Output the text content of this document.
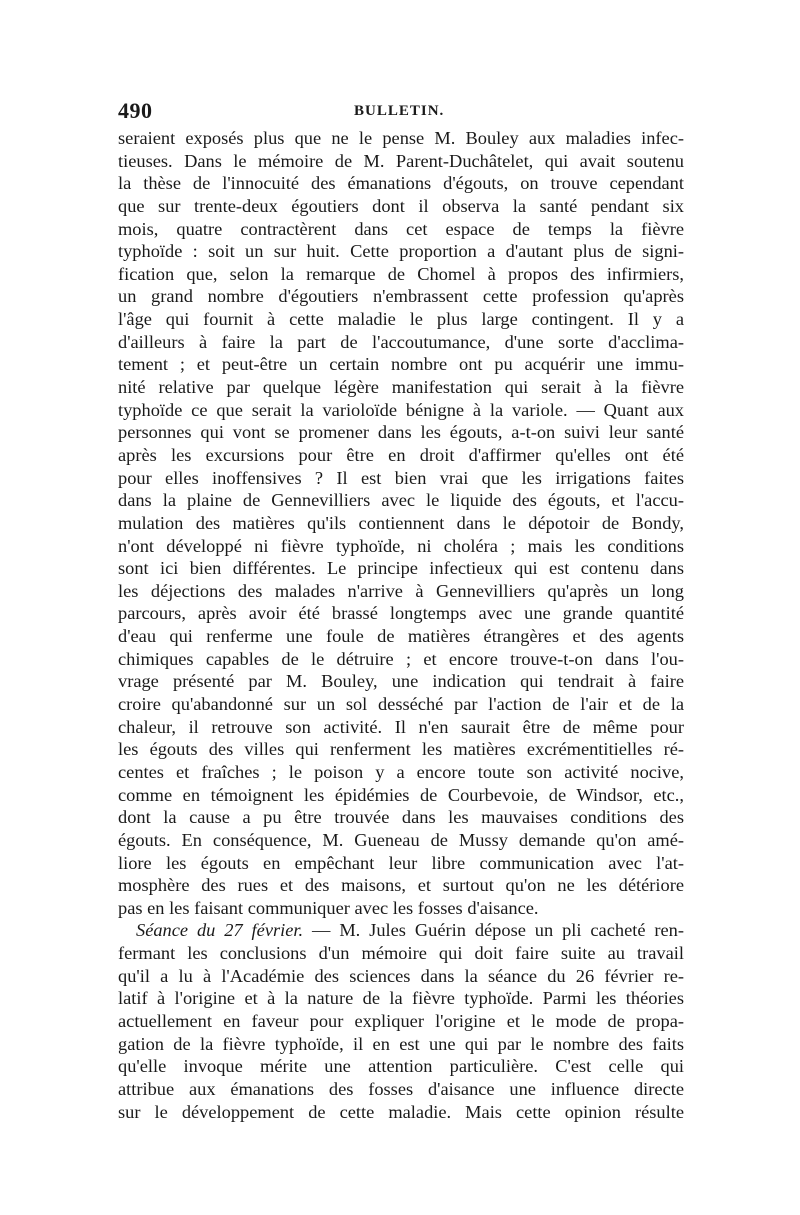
490	BULLETIN.
seraient exposés plus que ne le pense M. Bouley aux maladies infec-
tieuses. Dans le mémoire de M. Parent-Duchâtelet, qui avait soutenu
la thèse de l'innocuité des émanations d'égouts, on trouve cependant
que sur trente-deux égoutiers dont il observa la santé pendant six
mois, quatre contractèrent dans cet espace de temps la fièvre
typhoïde : soit un sur huit. Cette proportion a d'autant plus de signi-
fication que, selon la remarque de Chomel à propos des infirmiers,
un grand nombre d'égoutiers n'embrassent cette profession qu'après
l'âge qui fournit à cette maladie le plus large contingent. Il y a
d'ailleurs à faire la part de l'accoutumance, d'une sorte d'acclima-
tement ; et peut-être un certain nombre ont pu acquérir une immu-
nité relative par quelque légère manifestation qui serait à la fièvre
typhoïde ce que serait la varioloïde bénigne à la variole. — Quant aux
personnes qui vont se promener dans les égouts, a-t-on suivi leur santé
après les excursions pour être en droit d'affirmer qu'elles ont été
pour elles inoffensives ? Il est bien vrai que les irrigations faites
dans la plaine de Gennevilliers avec le liquide des égouts, et l'accu-
mulation des matières qu'ils contiennent dans le dépotoir de Bondy,
n'ont développé ni fièvre typhoïde, ni choléra ; mais les conditions
sont ici bien différentes. Le principe infectieux qui est contenu dans
les déjections des malades n'arrive à Gennevilliers qu'après un long
parcours, après avoir été brassé longtemps avec une grande quantité
d'eau qui renferme une foule de matières étrangères et des agents
chimiques capables de le détruire ; et encore trouve-t-on dans l'ou-
vrage présenté par M. Bouley, une indication qui tendrait à faire
croire qu'abandonné sur un sol desséché par l'action de l'air et de la
chaleur, il retrouve son activité. Il n'en saurait être de même pour
les égouts des villes qui renferment les matières excrémentitielles ré-
centes et fraîches ; le poison y a encore toute son activité nocive,
comme en témoignent les épidémies de Courbevoie, de Windsor, etc.,
dont la cause a pu être trouvée dans les mauvaises conditions des
égouts. En conséquence, M. Gueneau de Mussy demande qu'on amé-
liore les égouts en empêchant leur libre communication avec l'at-
mosphère des rues et des maisons, et surtout qu'on ne les détériore
pas en les faisant communiquer avec les fosses d'aisance.
Séance du 27 février. — M. Jules Guérin dépose un pli cacheté ren-
fermant les conclusions d'un mémoire qui doit faire suite au travail
qu'il a lu à l'Académie des sciences dans la séance du 26 février re-
latif à l'origine et à la nature de la fièvre typhoïde. Parmi les théories
actuellement en faveur pour expliquer l'origine et le mode de propa-
gation de la fièvre typhoïde, il en est une qui par le nombre des faits
qu'elle invoque mérite une attention particulière. C'est celle qui
attribue aux émanations des fosses d'aisance une influence directe
sur le développement de cette maladie. Mais cette opinion résulte
